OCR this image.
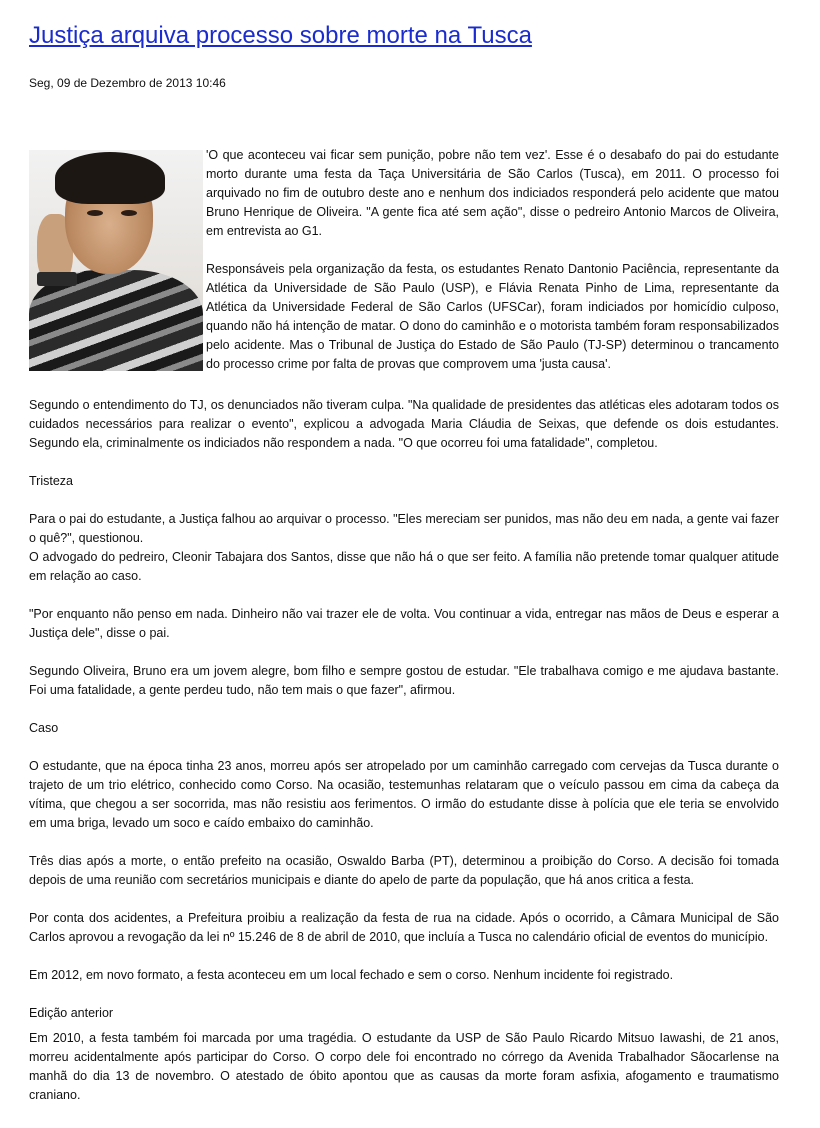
Justiça arquiva processo sobre morte na Tusca
Seg, 09 de Dezembro de 2013 10:46

'O que aconteceu vai ficar sem punição, pobre não tem vez'. Esse é o desabafo do pai do estudante morto durante uma festa da Taça Universitária de São Carlos (Tusca), em 2011. O processo foi arquivado no fim de outubro deste ano e nenhum dos indiciados responderá pelo acidente que matou Bruno Henrique de Oliveira. "A gente fica até sem ação", disse o pedreiro Antonio Marcos de Oliveira, em entrevista ao G1.

Responsáveis pela organização da festa, os estudantes Renato Dantonio Paciência, representante da Atlética da Universidade de São Paulo (USP), e Flávia Renata Pinho de Lima, representante da Atlética da Universidade Federal de São Carlos (UFSCar), foram indiciados por homicídio culposo, quando não há intenção de matar. O dono do caminhão e o motorista também foram responsabilizados pelo acidente. Mas o Tribunal de Justiça do Estado de São Paulo (TJ-SP) determinou o trancamento do processo crime por falta de provas que comprovem uma 'justa causa'.

Segundo o entendimento do TJ, os denunciados não tiveram culpa. "Na qualidade de presidentes das atléticas eles adotaram todos os cuidados necessários para realizar o evento", explicou a advogada Maria Cláudia de Seixas, que defende os dois estudantes. Segundo ela, criminalmente os indiciados não respondem a nada. "O que ocorreu foi uma fatalidade", completou.

Tristeza

Para o pai do estudante, a Justiça falhou ao arquivar o processo. "Eles mereciam ser punidos, mas não deu em nada, a gente vai fazer o quê?", questionou.

O advogado do pedreiro, Cleonir Tabajara dos Santos, disse que não há o que ser feito. A família não pretende tomar qualquer atitude em relação ao caso.

"Por enquanto não penso em nada. Dinheiro não vai trazer ele de volta. Vou continuar a vida, entregar nas mãos de Deus e esperar a Justiça dele", disse o pai.

Segundo Oliveira, Bruno era um jovem alegre, bom filho e sempre gostou de estudar. "Ele trabalhava comigo e me ajudava bastante. Foi uma fatalidade, a gente perdeu tudo, não tem mais o que fazer", afirmou.

Caso

O estudante, que na época tinha 23 anos, morreu após ser atropelado por um caminhão carregado com cervejas da Tusca durante o trajeto de um trio elétrico, conhecido como Corso. Na ocasião, testemunhas relataram que o veículo passou em cima da cabeça da vítima, que chegou a ser socorrida, mas não resistiu aos ferimentos. O irmão do estudante disse à polícia que ele teria se envolvido em uma briga, levado um soco e caído embaixo do caminhão.

Três dias após a morte, o então prefeito na ocasião, Oswaldo Barba (PT), determinou a proibição do Corso. A decisão foi tomada depois de uma reunião com secretários municipais e diante do apelo de parte da população, que há anos critica a festa.

Por conta dos acidentes, a Prefeitura proibiu a realização da festa de rua na cidade. Após o ocorrido, a Câmara Municipal de São Carlos aprovou a revogação da lei nº 15.246 de 8 de abril de 2010, que incluía a Tusca no calendário oficial de eventos do município.

Em 2012, em novo formato, a festa aconteceu em um local fechado e sem o corso. Nenhum incidente foi registrado.

Edição anterior

Em 2010, a festa também foi marcada por uma tragédia. O estudante da USP de São Paulo Ricardo Mitsuo Iawashi, de 21 anos, morreu acidentalmente após participar do Corso. O corpo dele foi encontrado no córrego da Avenida Trabalhador Sãocarlense na manhã do dia 13 de novembro. O atestado de óbito apontou que as causas da morte foram asfixia, afogamento e traumatismo craniano.
